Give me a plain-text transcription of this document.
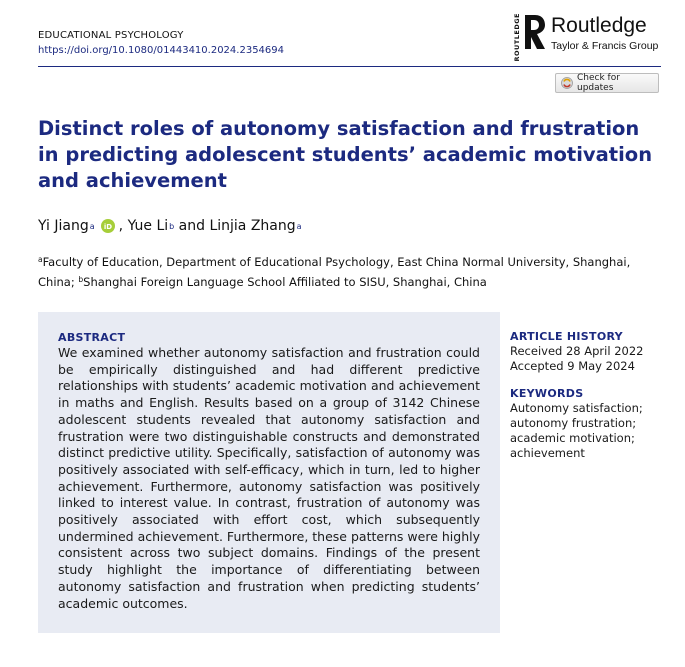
EDUCATIONAL PSYCHOLOGY
https://doi.org/10.1080/01443410.2024.2354694	ROUTLEDGE Routledge
Taylor & Francis Group
Check for updates
Distinct roles of autonomy satisfaction and frustration in predicting adolescent students’ academic motivation and achievement
Yi Jiang a iD ,
Yue Li b
and
Linjia Zhang a

$^a$Faculty of Education, Department of Educational Psychology, East China Normal University, Shanghai, China; $^b$Shanghai Foreign Language School Affiliated to SISU, Shanghai, China

ABSTRACT

We examined whether autonomy satisfaction and frustration could be empirically distinguished and had different predictive relationships with students’ academic motivation and achievement in maths and English. Results based on a group of 3142 Chinese adolescent students revealed that autonomy satisfaction and frustration were two distinguishable constructs and demonstrated distinct predictive utility. Specifically, satisfaction of autonomy was positively associated with self-efficacy, which in turn, led to higher achievement. Furthermore, autonomy satisfaction was positively linked to interest value. In contrast, frustration of autonomy was positively associated with effort cost, which subsequently undermined achievement. Furthermore, these patterns were highly consistent across two subject domains. Findings of the present study highlight the importance of differentiating between autonomy satisfaction and frustration when predicting students’ academic outcomes.

ARTICLE HISTORY
Received 28 April 2022
Accepted 9 May 2024
KEYWORDS
Autonomy satisfaction;
autonomy frustration;
academic motivation;
achievement
